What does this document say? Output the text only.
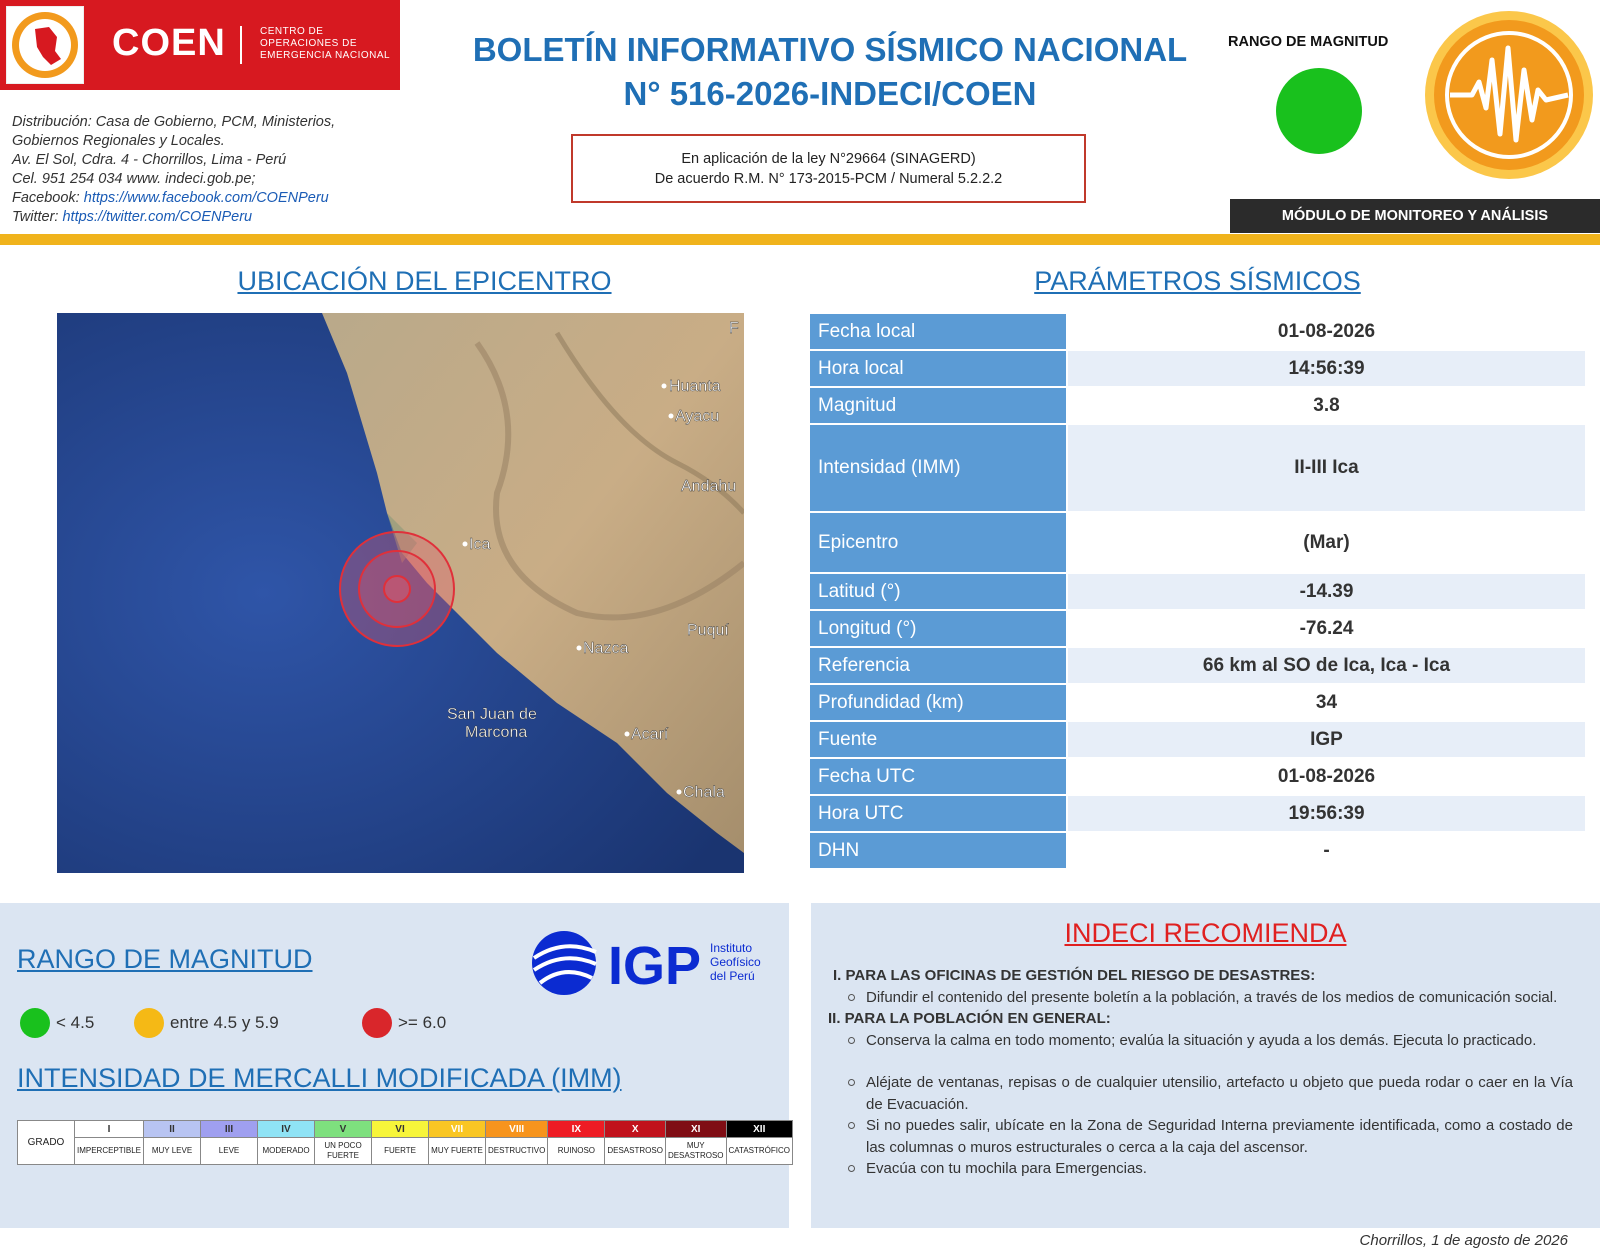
COEN	CENTRO DE
OPERACIONES DE
EMERGENCIA NACIONAL
Distribución: Casa de Gobierno, PCM, Ministerios,
Gobiernos Regionales y Locales.
Av. El Sol, Cdra. 4 - Chorrillos, Lima - Perú
Cel. 951 254 034 www. indeci.gob.pe;
Facebook: https://www.facebook.com/COENPeru
Twitter: https://twitter.com/COENPeru
BOLETÍN INFORMATIVO SÍSMICO NACIONAL
N° 516-2026-INDECI/COEN
En aplicación de la ley N°29664 (SINAGERD)
De acuerdo R.M. N° 173-2015-PCM / Numeral 5.2.2.2
RANGO DE MAGNITUD
MÓDULO DE MONITOREO Y ANÁLISIS
UBICACIÓN DEL EPICENTRO
Huanta
Ayacu
Andahu
Ica
Nazca
Puquí
San Juan de
Marcona	Acarí
Chala
F
PARÁMETROS SÍSMICOS
Fecha local	01-08-2026
Hora local	14:56:39
Magnitud	3.8
Intensidad (IMM)	II-III Ica
Epicentro	(Mar)
Latitud (°)	-14.39
Longitud (°)	-76.24
Referencia	66 km al SO de Ica, Ica - Ica
Profundidad (km)	34
Fuente	IGP
Fecha UTC	01-08-2026
Hora UTC	19:56:39
DHN	-
RANGO DE MAGNITUD
< 4.5	entre 4.5 y 5.9	>= 6.0
IGP Instituto
Geofísico
del Perú
INTENSIDAD DE MERCALLI MODIFICADA (IMM)
GRADO	I	II	III	IV	V	VI	VII	VIII	IX	X	XI	XII
	IMPERCEPTIBLE	MUY LEVE	LEVE	MODERADO	UN POCO FUERTE	FUERTE	MUY FUERTE	DESTRUCTIVO	RUINOSO	DESASTROSO	MUY DESASTROSO	CATASTRÓFICO
INDECI RECOMIENDA
I. PARA LAS OFICINAS DE GESTIÓN DEL RIESGO DE DESASTRES:
Difundir el contenido del presente boletín a la población, a través de los medios de comunicación social.
II. PARA LA POBLACIÓN EN GENERAL:
Conserva la calma en todo momento; evalúa la situación y ayuda a los demás. Ejecuta lo practicado.
Aléjate de ventanas, repisas o de cualquier utensilio, artefacto u objeto que pueda rodar o caer en la Vía de Evacuación.
Si no puedes salir, ubícate en la Zona de Seguridad Interna previamente identificada, como a costado de las columnas o muros estructurales o cerca a la caja del ascensor.
Evacúa con tu mochila para Emergencias.
Chorrillos, 1 de agosto de 2026
